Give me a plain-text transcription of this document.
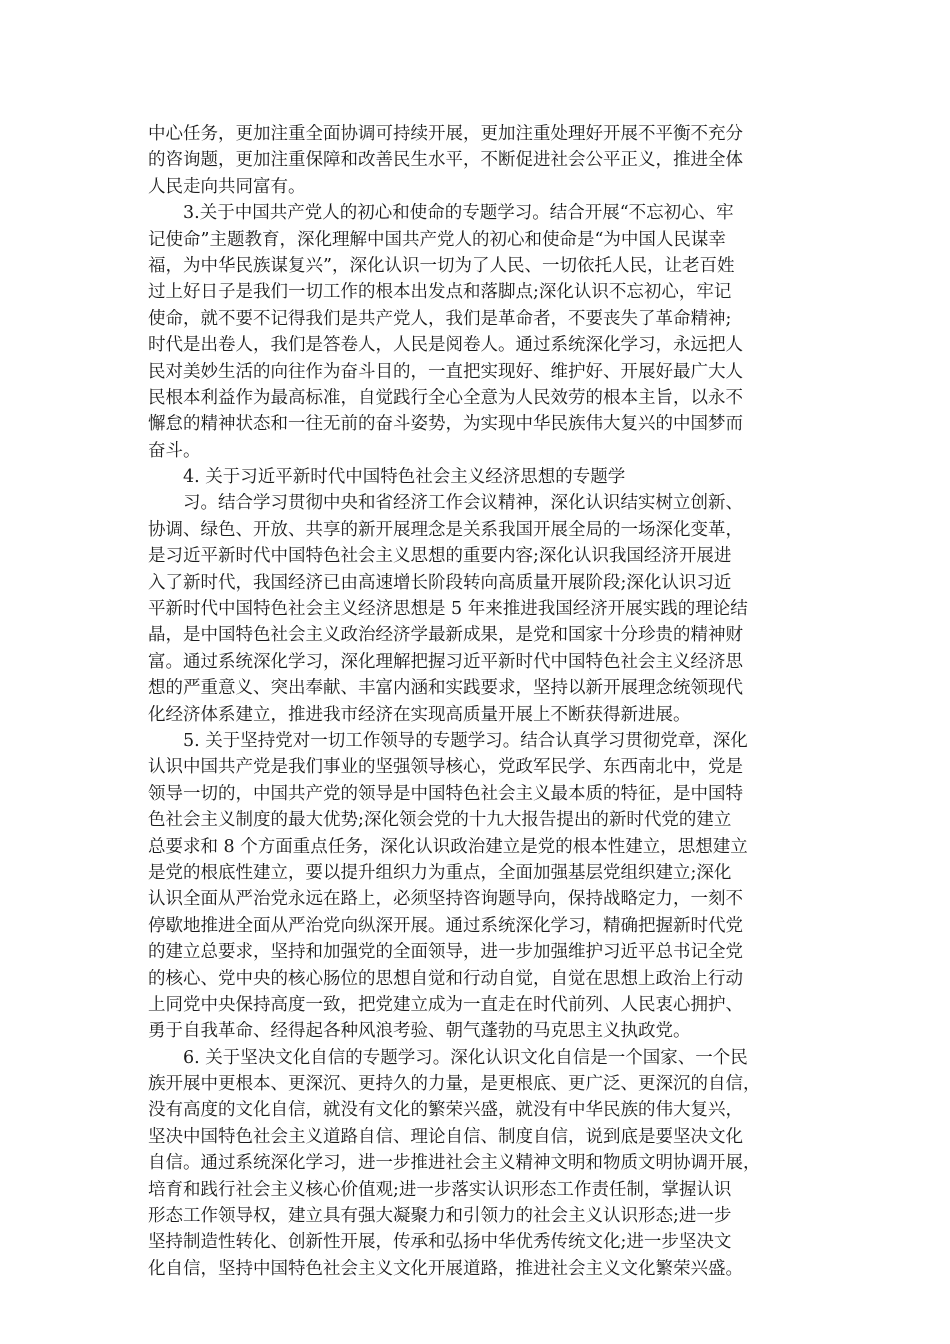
中心任务，更加注重全面协调可持续开展，更加注重处理好开展不平衡不充分
的咨询题，更加注重保障和改善民生水平，不断促进社会公平正义，推进全体
人民走向共同富有。
3.关于中国共产党人的初心和使命的专题学习。结合开展“不忘初心、牢
记使命”主题教育，深化理解中国共产党人的初心和使命是“为中国人民谋幸
福，为中华民族谋复兴”，深化认识一切为了人民、一切依托人民，让老百姓
过上好日子是我们一切工作的根本出发点和落脚点;深化认识不忘初心，牢记
使命，就不要不记得我们是共产党人，我们是革命者，不要丧失了革命精神;
时代是出卷人，我们是答卷人，人民是阅卷人。通过系统深化学习，永远把人
民对美妙生活的向往作为奋斗目的，一直把实现好、维护好、开展好最广大人
民根本利益作为最高标准，自觉践行全心全意为人民效劳的根本主旨，以永不
懈怠的精神状态和一往无前的奋斗姿势，为实现中华民族伟大复兴的中国梦而
奋斗。
4. 关于习近平新时代中国特色社会主义经济思想的专题学
习。结合学习贯彻中央和省经济工作会议精神，深化认识结实树立创新、
协调、绿色、开放、共享的新开展理念是关系我国开展全局的一场深化变革，
是习近平新时代中国特色社会主义思想的重要内容;深化认识我国经济开展进
入了新时代，我国经济已由高速增长阶段转向高质量开展阶段;深化认识习近
平新时代中国特色社会主义经济思想是 5 年来推进我国经济开展实践的理论结
晶，是中国特色社会主义政治经济学最新成果，是党和国家十分珍贵的精神财
富。通过系统深化学习，深化理解把握习近平新时代中国特色社会主义经济思
想的严重意义、突出奉献、丰富内涵和实践要求，坚持以新开展理念统领现代
化经济体系建立，推进我市经济在实现高质量开展上不断获得新进展。
5. 关于坚持党对一切工作领导的专题学习。结合认真学习贯彻党章，深化
认识中国共产党是我们事业的坚强领导核心，党政军民学、东西南北中，党是
领导一切的，中国共产党的领导是中国特色社会主义最本质的特征，是中国特
色社会主义制度的最大优势;深化领会党的十九大报告提出的新时代党的建立
总要求和 8 个方面重点任务，深化认识政治建立是党的根本性建立，思想建立
是党的根底性建立，要以提升组织力为重点，全面加强基层党组织建立;深化
认识全面从严治党永远在路上，必须坚持咨询题导向，保持战略定力，一刻不
停歇地推进全面从严治党向纵深开展。通过系统深化学习，精确把握新时代党
的建立总要求，坚持和加强党的全面领导，进一步加强维护习近平总书记全党
的核心、党中央的核心肠位的思想自觉和行动自觉，自觉在思想上政治上行动
上同党中央保持高度一致，把党建立成为一直走在时代前列、人民衷心拥护、
勇于自我革命、经得起各种风浪考验、朝气蓬勃的马克思主义执政党。
6. 关于坚决文化自信的专题学习。深化认识文化自信是一个国家、一个民
族开展中更根本、更深沉、更持久的力量，是更根底、更广泛、更深沉的自信，
没有高度的文化自信，就没有文化的繁荣兴盛，就没有中华民族的伟大复兴，
坚决中国特色社会主义道路自信、理论自信、制度自信，说到底是要坚决文化
自信。通过系统深化学习，进一步推进社会主义精神文明和物质文明协调开展，
培育和践行社会主义核心价值观;进一步落实认识形态工作责任制，掌握认识
形态工作领导权，建立具有强大凝聚力和引领力的社会主义认识形态;进一步
坚持制造性转化、创新性开展，传承和弘扬中华优秀传统文化;进一步坚决文
化自信，坚持中国特色社会主义文化开展道路，推进社会主义文化繁荣兴盛。
